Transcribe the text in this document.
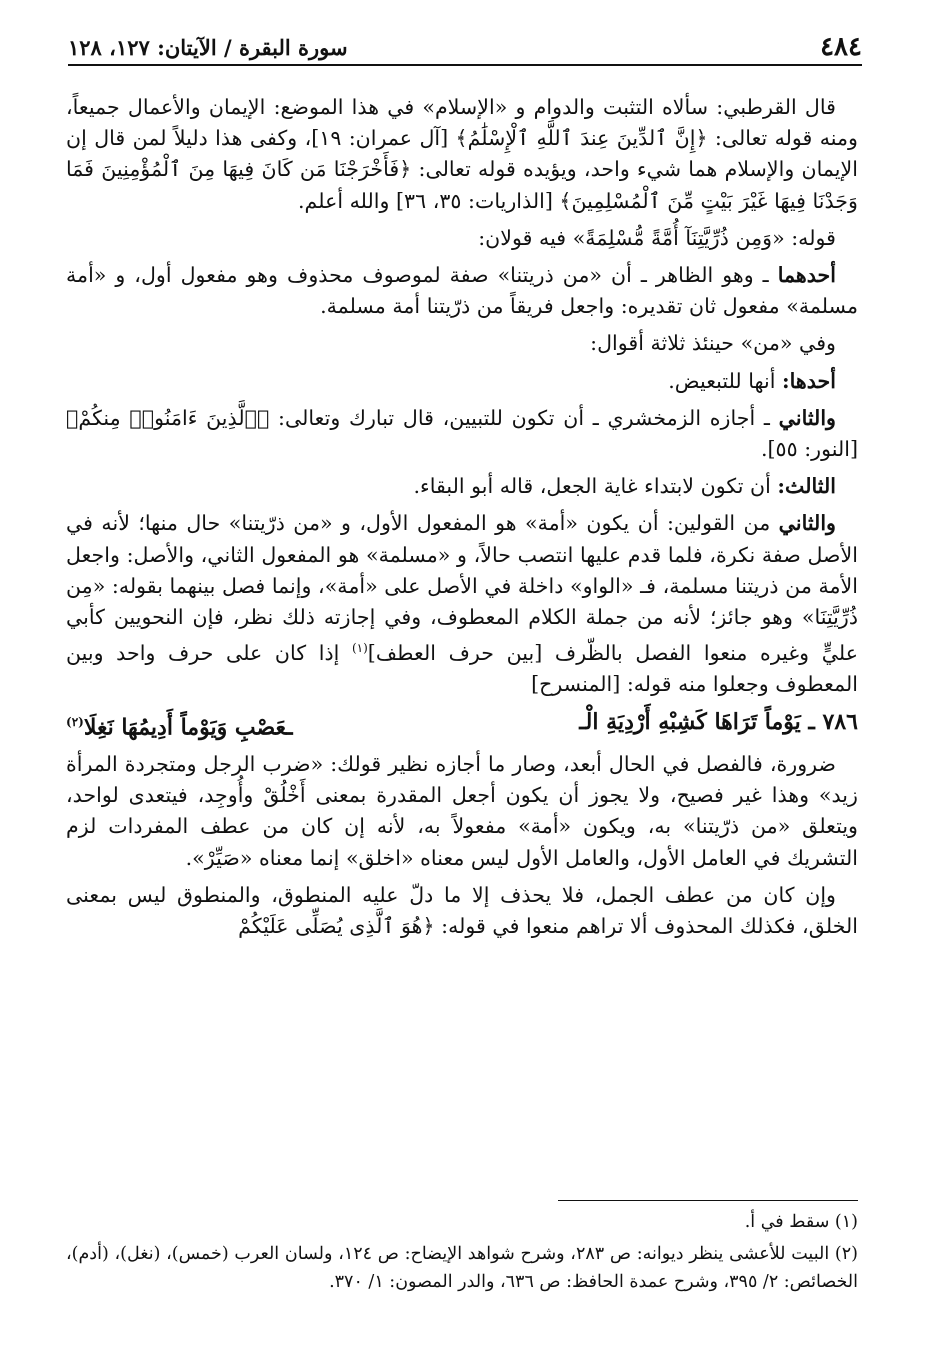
٤٨٤
سورة البقرة / الآيتان: ١٢٧، ١٢٨

قال القرطبي: سألاه التثبت والدوام و «الإسلام» في هذا الموضع: الإيمان والأعمال جميعاً، ومنه قوله تعالى: ﴿إِنَّ ٱلدِّينَ عِندَ ٱللَّهِ ٱلْإِسْلَٰمُ﴾ [آل عمران: ١٩]، وكفى هذا دليلاً لمن قال إن الإيمان والإسلام هما شيء واحد، ويؤيده قوله تعالى: ﴿فَأَخْرَجْنَا مَن كَانَ فِيهَا مِنَ ٱلْمُؤْمِنِينَ فَمَا وَجَدْنَا فِيهَا غَيْرَ بَيْتٍ مِّنَ ٱلْمُسْلِمِينَ﴾ [الذاريات: ٣٥، ٣٦] والله أعلم.

قوله: «وَمِن ذُرِّيَّتِنَآ أُمَّةً مُّسْلِمَةً» فيه قولان:

أحدهما ـ وهو الظاهر ـ أن «من ذريتنا» صفة لموصوف محذوف وهو مفعول أول، و «أمة مسلمة» مفعول ثان تقديره: واجعل فريقاً من ذرّيتنا أمة مسلمة.

وفي «من» حينئذ ثلاثة أقوال:

أحدها: أنها للتبعيض.

والثاني ـ أجازه الزمخشري ـ أن تكون للتبيين، قال تبارك وتعالى: ﴿ٱلَّذِينَ ءَامَنُوا۟ مِنكُمْ﴾ [النور: ٥٥].

الثالث: أن تكون لابتداء غاية الجعل، قاله أبو البقاء.

والثاني من القولين: أن يكون «أمة» هو المفعول الأول، و «من ذرّيتنا» حال منها؛ لأنه في الأصل صفة نكرة، فلما قدم عليها انتصب حالاً، و «مسلمة» هو المفعول الثاني، والأصل: واجعل الأمة من ذريتنا مسلمة، فـ «الواو» داخلة في الأصل على «أمة»، وإنما فصل بينهما بقوله: «مِن ذُرِّيَّتِنَا» وهو جائز؛ لأنه من جملة الكلام المعطوف، وفي إجازته ذلك نظر، فإن النحويين كأبي عليٍّ وغيره منعوا الفصل بالظّرف [بين حرف العطف]$^{(١)}$ إذا كان على حرف واحد وبين المعطوف وجعلوا منه قوله: [المنسرح]

٧٨٦ ـ يَوْماً تَرَاهَا كَشِبْهِ أَرْدِيَةِ الْـ
ـعَصْبِ وَيَوْماً أَدِيمُهَا نَغِلَا$^{(٢)}$

ضرورة، فالفصل في الحال أبعد، وصار ما أجازه نظير قولك: «ضرب الرجل ومتجردة المرأة زيد» وهذا غير فصيح، ولا يجوز أن يكون أجعل المقدرة بمعنى أَخْلُقْ وأُوجِد، فيتعدى لواحد، ويتعلق «من ذرّيتنا» به، ويكون «أمة» مفعولاً به، لأنه إن كان من عطف المفردات لزم التشريك في العامل الأول، والعامل الأول ليس معناه «اخلق» إنما معناه «صَيِّرْ».

وإن كان من عطف الجمل، فلا يحذف إلا ما دلّ عليه المنطوق، والمنطوق ليس بمعنى الخلق، فكذلك المحذوف ألا تراهم منعوا في قوله: ﴿هُوَ ٱلَّذِى يُصَلِّى عَلَيْكُمْ

(١) سقط في أ.

(٢) البيت للأعشى ينظر ديوانه: ص ٢٨٣، وشرح شواهد الإيضاح: ص ١٢٤، ولسان العرب (خمس)، (نغل)، (أدم)، الخصائص: ٢/ ٣٩٥، وشرح عمدة الحافظ: ص ٦٣٦، والدر المصون: ١/ ٣٧٠.
